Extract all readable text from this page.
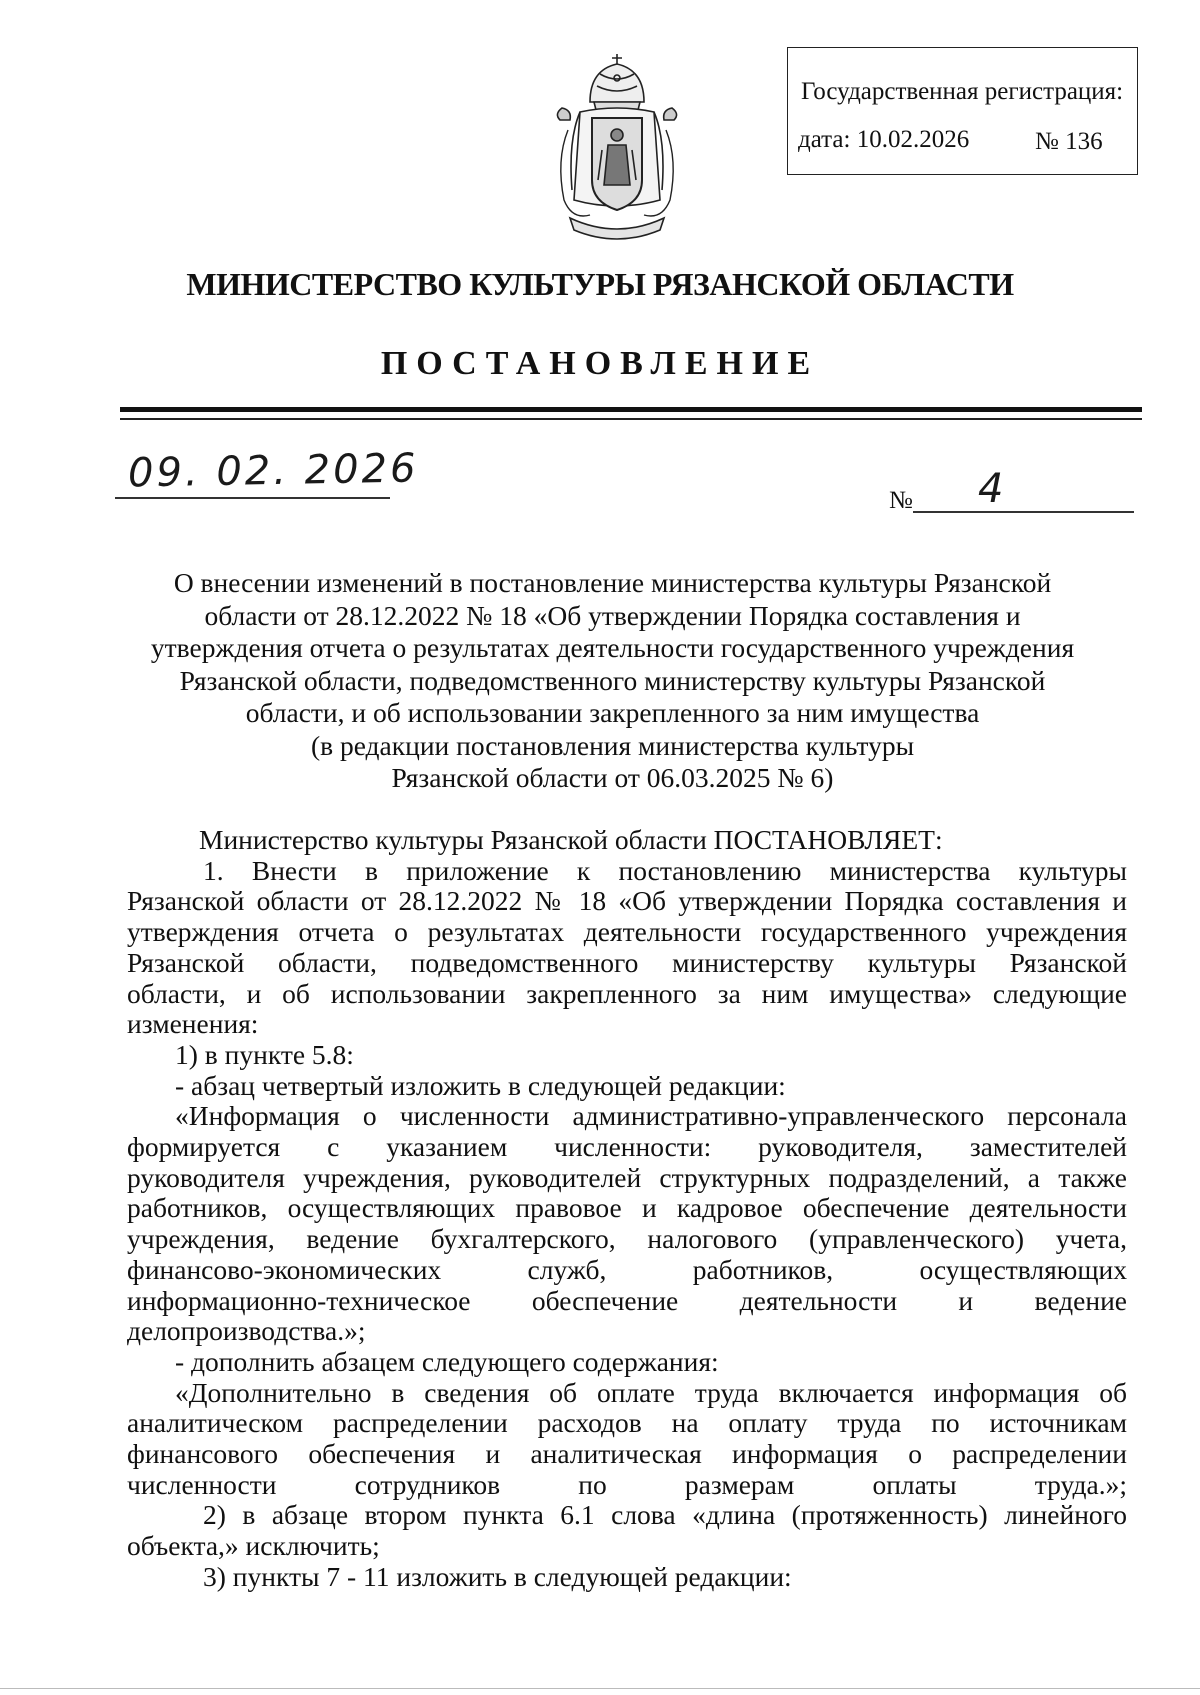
Государственная регистрация:
дата: 10.02.2026	№ 136
МИНИСТЕРСТВО КУЛЬТУРЫ РЯЗАНСКОЙ ОБЛАСТИ
ПОСТАНОВЛЕНИЕ
09. 02. 2026
№ 4
О внесении изменений в постановление министерства культуры Рязанской
области от 28.12.2022 № 18 «Об утверждении Порядка составления и
утверждения отчета о результатах деятельности государственного учреждения
Рязанской области, подведомственного министерству культуры Рязанской
области, и об использовании закрепленного за ним имущества
(в редакции постановления министерства культуры
Рязанской области от 06.03.2025 № 6)

Министерство культуры Рязанской области ПОСТАНОВЛЯЕТ:

1. Внести в приложение к постановлению министерства культуры
Рязанской области от 28.12.2022 № 18 «Об утверждении Порядка составления и
утверждения отчета о результатах деятельности государственного учреждения
Рязанской области, подведомственного министерству культуры Рязанской
области, и об использовании закрепленного за ним имущества» следующие
изменения:
1) в пункте 5.8:
- абзац четвертый изложить в следующей редакции:
«Информация о численности административно-управленческого персонала
формируется с указанием численности: руководителя, заместителей
руководителя учреждения, руководителей структурных подразделений, а также
работников, осуществляющих правовое и кадровое обеспечение деятельности
учреждения, ведение бухгалтерского, налогового (управленческого) учета,
финансово-экономических служб, работников, осуществляющих
информационно-техническое обеспечение деятельности и ведение
делопроизводства.»;
- дополнить абзацем следующего содержания:
«Дополнительно в сведения об оплате труда включается информация об
аналитическом распределении расходов на оплату труда по источникам
финансового обеспечения и аналитическая информация о распределении
численности сотрудников по размерам оплаты труда.»;
2) в абзаце втором пункта 6.1 слова «длина (протяженность) линейного
объекта,» исключить;
3) пункты 7 - 11 изложить в следующей редакции:
